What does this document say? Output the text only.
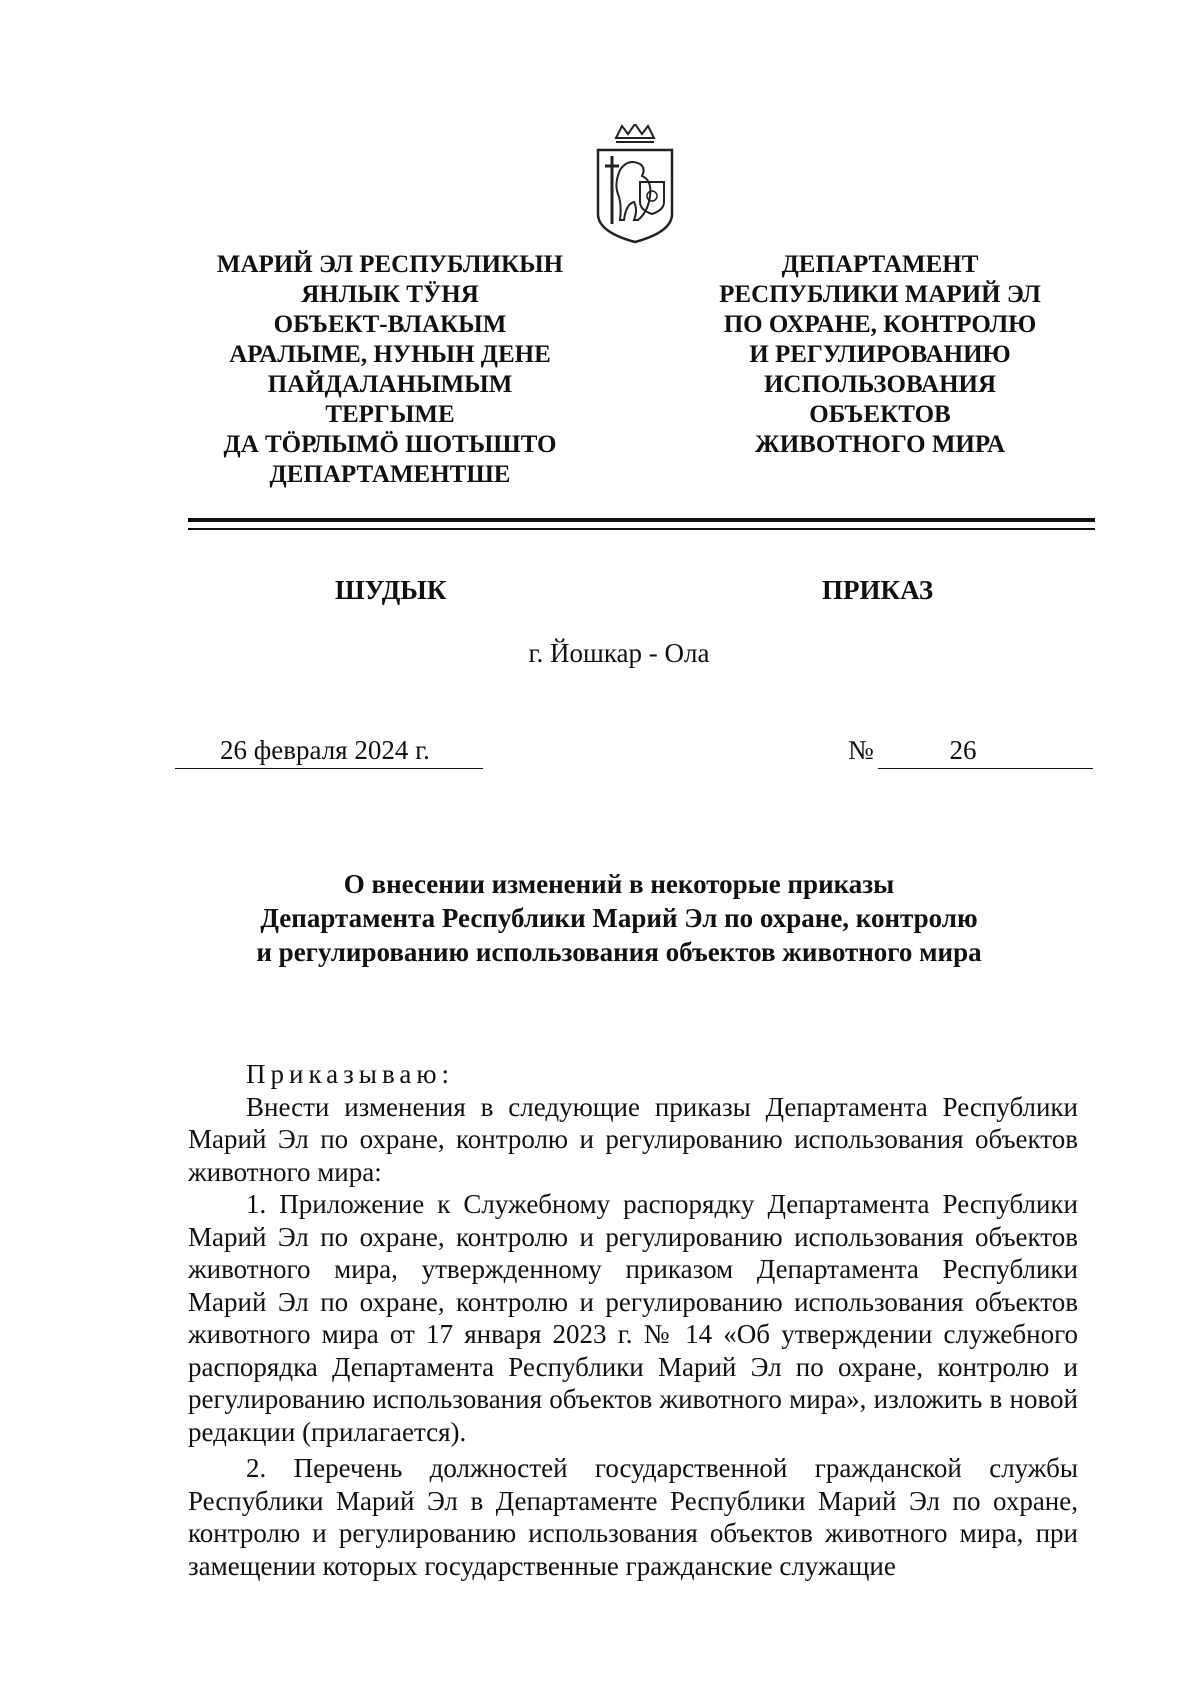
МАРИЙ ЭЛ РЕСПУБЛИКЫН
ЯНЛЫК ТӰНЯ
ОБЪЕКТ-ВЛАКЫМ
АРАЛЫМЕ, НУНЫН ДЕНЕ
ПАЙДАЛАНЫМЫМ
ТЕРГЫМЕ
ДА ТӦРЛЫМӦ ШОТЫШТО
ДЕПАРТАМЕНТШЕ
ДЕПАРТАМЕНТ
РЕСПУБЛИКИ МАРИЙ ЭЛ
ПО ОХРАНЕ, КОНТРОЛЮ
И РЕГУЛИРОВАНИЮ
ИСПОЛЬЗОВАНИЯ
ОБЪЕКТОВ
ЖИВОТНОГО МИРА
ШУДЫК	ПРИКАЗ
г. Йошкар - Ола
26 февраля 2024 г.	№	26
О внесении изменений в некоторые приказы
Департамента Республики Марий Эл по охране, контролю
и регулированию использования объектов животного мира
Приказываю:

Внести изменения в следующие приказы Департамента Республики Марий Эл по охране, контролю и регулированию использования объектов животного мира:

1. Приложение к Служебному распорядку Департамента Республики Марий Эл по охране, контролю и регулированию использования объектов животного мира, утвержденному приказом Департамента Республики Марий Эл по охране, контролю и регулированию использования объектов животного мира от 17 января 2023 г. № 14 «Об утверждении служебного распорядка Департамента Республики Марий Эл по охране, контролю и регулированию использования объектов животного мира», изложить в новой редакции (прилагается).

2. Перечень должностей государственной гражданской службы Республики Марий Эл в Департаменте Республики Марий Эл по охране, контролю и регулированию использования объектов животного мира, при замещении которых государственные гражданские служащие
